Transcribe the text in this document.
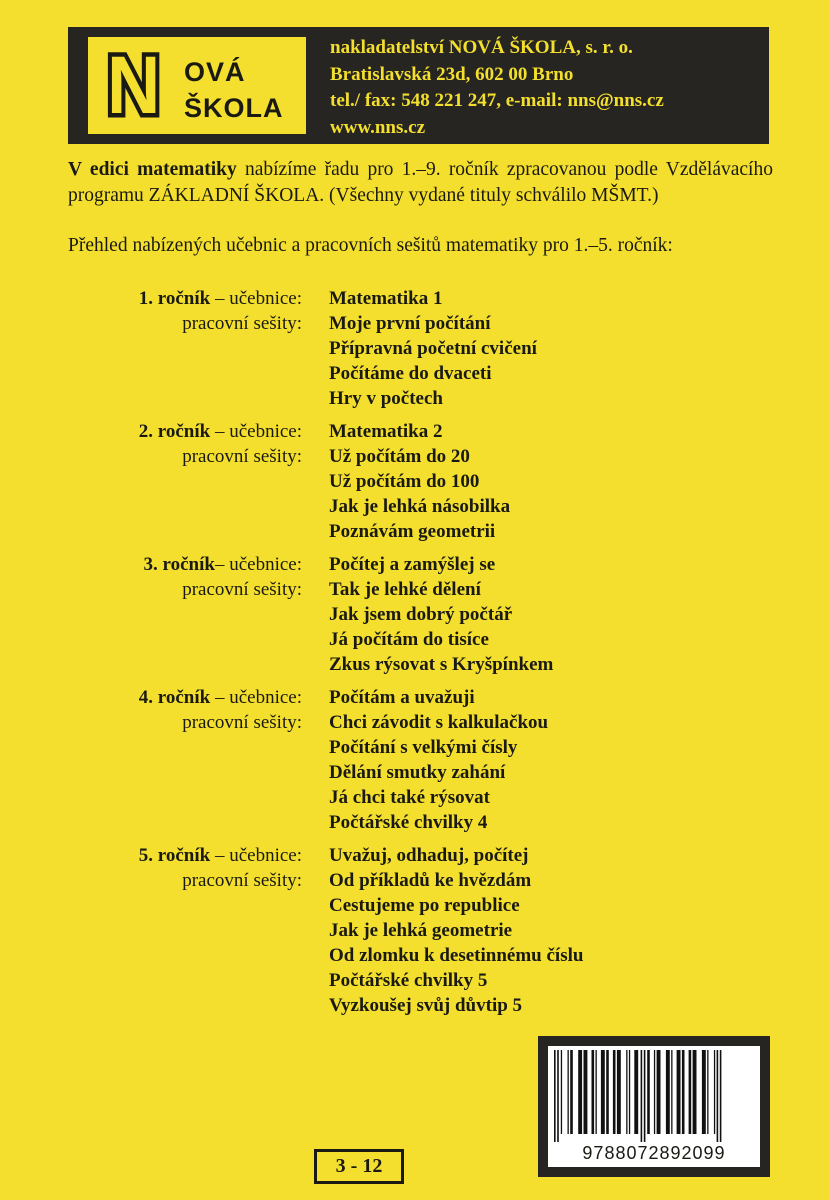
N OVÁ
ŠKOLA
nakladatelství NOVÁ ŠKOLA, s. r. o.
Bratislavská 23d, 602 00 Brno
tel./ fax: 548 221 247, e-mail: nns@nns.cz
www.nns.cz
V edici matematiky nabízíme řadu pro 1.–9. ročník zpracovanou podle Vzdělávacího programu ZÁKLADNÍ ŠKOLA. (Všechny vydané tituly schválilo MŠMT.)
Přehled nabízených učebnic a pracovních sešitů matematiky pro 1.–5. ročník:
1. ročník – učebnice:
pracovní sešity:
Matematika 1
Moje první počítání
Přípravná početní cvičení
Počítáme do dvaceti
Hry v počtech
2. ročník – učebnice:
pracovní sešity:
Matematika 2
Už počítám do 20
Už počítám do 100
Jak je lehká násobilka
Poznávám geometrii
3. ročník– učebnice:
pracovní sešity:
Počítej a zamýšlej se
Tak je lehké dělení
Jak jsem dobrý počtář
Já počítám do tisíce
Zkus rýsovat s Kryšpínkem
4. ročník – učebnice:
pracovní sešity:
Počítám a uvažuji
Chci závodit s kalkulačkou
Počítání s velkými čísly
Dělání smutky zahání
Já chci také rýsovat
Počtářské chvilky 4
5. ročník – učebnice:
pracovní sešity:
Uvažuj, odhaduj, počítej
Od příkladů ke hvězdám
Cestujeme po republice
Jak je lehká geometrie
Od zlomku k desetinnému číslu
Počtářské chvilky 5
Vyzkoušej svůj důvtip 5
9788072892099
3 - 12
